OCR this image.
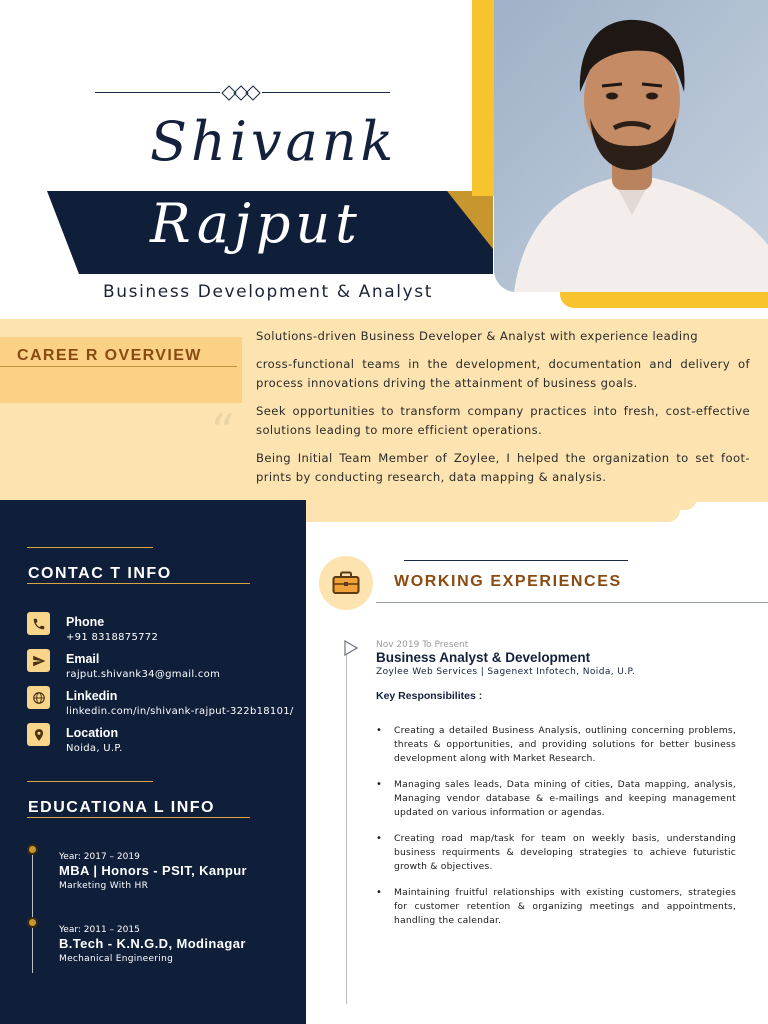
Shivank
Rajput
Business Development & Analyst
CAREE R OVERVIEW
“

Solutions-driven Business Developer & Analyst with experience leading

cross-functional teams in the development, documentation and delivery of process innovations driving the attainment of business goals.

Seek opportunities to transform company practices into fresh, cost-effective solutions leading to more efficient operations.

Being Initial Team Member of Zoylee, I helped the organization to set foot-prints by conducting research, data mapping & analysis.

CONTAC T INFO
Phone
+91 8318875772
Email
rajput.shivank34@gmail.com
Linkedin
linkedin.com/in/shivank-rajput-322b18101/
Location
Noida, U.P.
EDUCATIONA L INFO
Year: 2017 – 2019
MBA | Honors - PSIT, Kanpur
Marketing With HR
Year: 2011 – 2015
B.Tech - K.N.G.D, Modinagar
Mechanical Engineering
WORKING EXPERIENCES
Nov 2019 To Present
Business Analyst & Development
Zoylee Web Services | Sagenext Infotech, Noida, U.P.
Key Responsibilites :
• Creating a detailed Business Analysis, outlining concerning problems, threats & opportunities, and providing solutions for better business development along with Market Research.
• Managing sales leads, Data mining of cities, Data mapping, analysis, Managing vendor database & e-mailings and keeping management updated on various information or agendas.
• Creating road map/task for team on weekly basis, understanding business requirments & developing strategies to achieve futuristic growth & objectives.
• Maintaining fruitful relationships with existing customers, strategies for customer retention & organizing meetings and appointments, handling the calendar.
